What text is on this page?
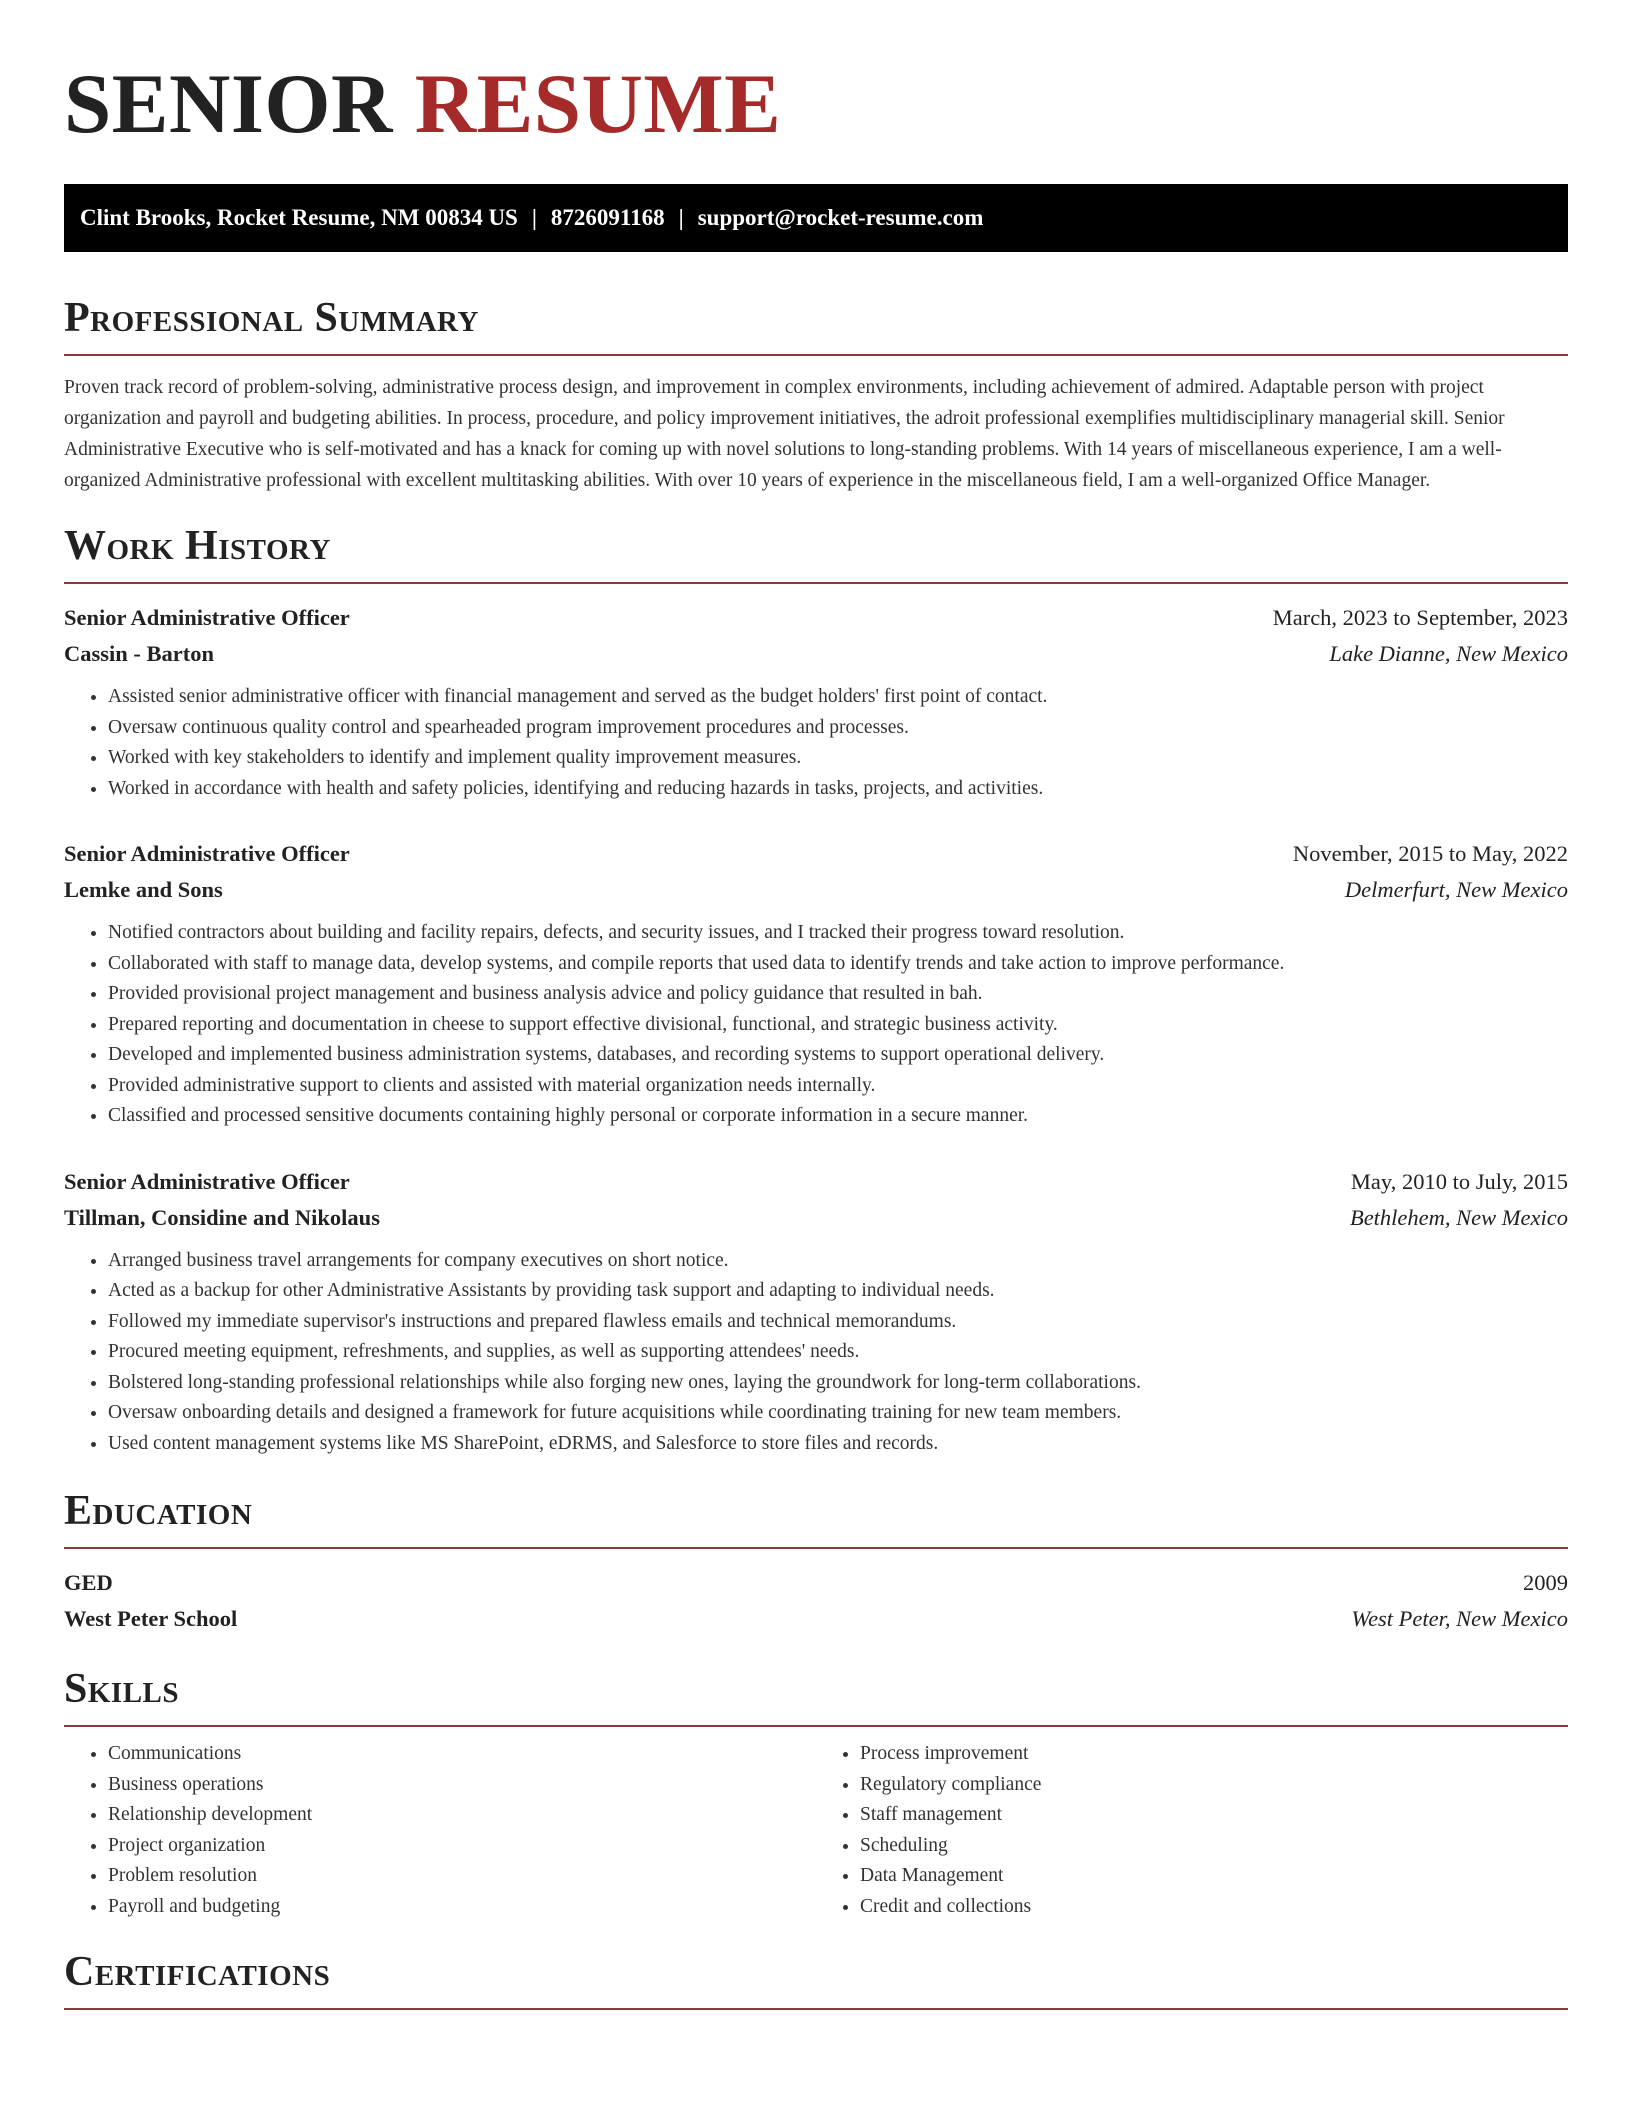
SENIOR RESUME
Clint Brooks, Rocket Resume, NM 00834 US | 8726091168 | support@rocket-resume.com
Professional Summary

Proven track record of problem-solving, administrative process design, and improvement in complex environments, including achievement of admired. Adaptable person with project organization and payroll and budgeting abilities. In process, procedure, and policy improvement initiatives, the adroit professional exemplifies multidisciplinary managerial skill. Senior Administrative Executive who is self-motivated and has a knack for coming up with novel solutions to long-standing problems. With 14 years of miscellaneous experience, I am a well-organized Administrative professional with excellent multitasking abilities. With over 10 years of experience in the miscellaneous field, I am a well-organized Office Manager.

Work History
Senior Administrative Officer	March, 2023 to September, 2023
Cassin - Barton	Lake Dianne, New Mexico
• Assisted senior administrative officer with financial management and served as the budget holders' first point of contact.
• Oversaw continuous quality control and spearheaded program improvement procedures and processes.
• Worked with key stakeholders to identify and implement quality improvement measures.
• Worked in accordance with health and safety policies, identifying and reducing hazards in tasks, projects, and activities.
Senior Administrative Officer	November, 2015 to May, 2022
Lemke and Sons	Delmerfurt, New Mexico
• Notified contractors about building and facility repairs, defects, and security issues, and I tracked their progress toward resolution.
• Collaborated with staff to manage data, develop systems, and compile reports that used data to identify trends and take action to improve performance.
• Provided provisional project management and business analysis advice and policy guidance that resulted in bah.
• Prepared reporting and documentation in cheese to support effective divisional, functional, and strategic business activity.
• Developed and implemented business administration systems, databases, and recording systems to support operational delivery.
• Provided administrative support to clients and assisted with material organization needs internally.
• Classified and processed sensitive documents containing highly personal or corporate information in a secure manner.
Senior Administrative Officer	May, 2010 to July, 2015
Tillman, Considine and Nikolaus	Bethlehem, New Mexico
• Arranged business travel arrangements for company executives on short notice.
• Acted as a backup for other Administrative Assistants by providing task support and adapting to individual needs.
• Followed my immediate supervisor's instructions and prepared flawless emails and technical memorandums.
• Procured meeting equipment, refreshments, and supplies, as well as supporting attendees' needs.
• Bolstered long-standing professional relationships while also forging new ones, laying the groundwork for long-term collaborations.
• Oversaw onboarding details and designed a framework for future acquisitions while coordinating training for new team members.
• Used content management systems like MS SharePoint, eDRMS, and Salesforce to store files and records.
Education
GED	2009
West Peter School	West Peter, New Mexico
Skills
• Communications
• Business operations
• Relationship development
• Project organization
• Problem resolution
• Payroll and budgeting
• Process improvement
• Regulatory compliance
• Staff management
• Scheduling
• Data Management
• Credit and collections
Certifications
